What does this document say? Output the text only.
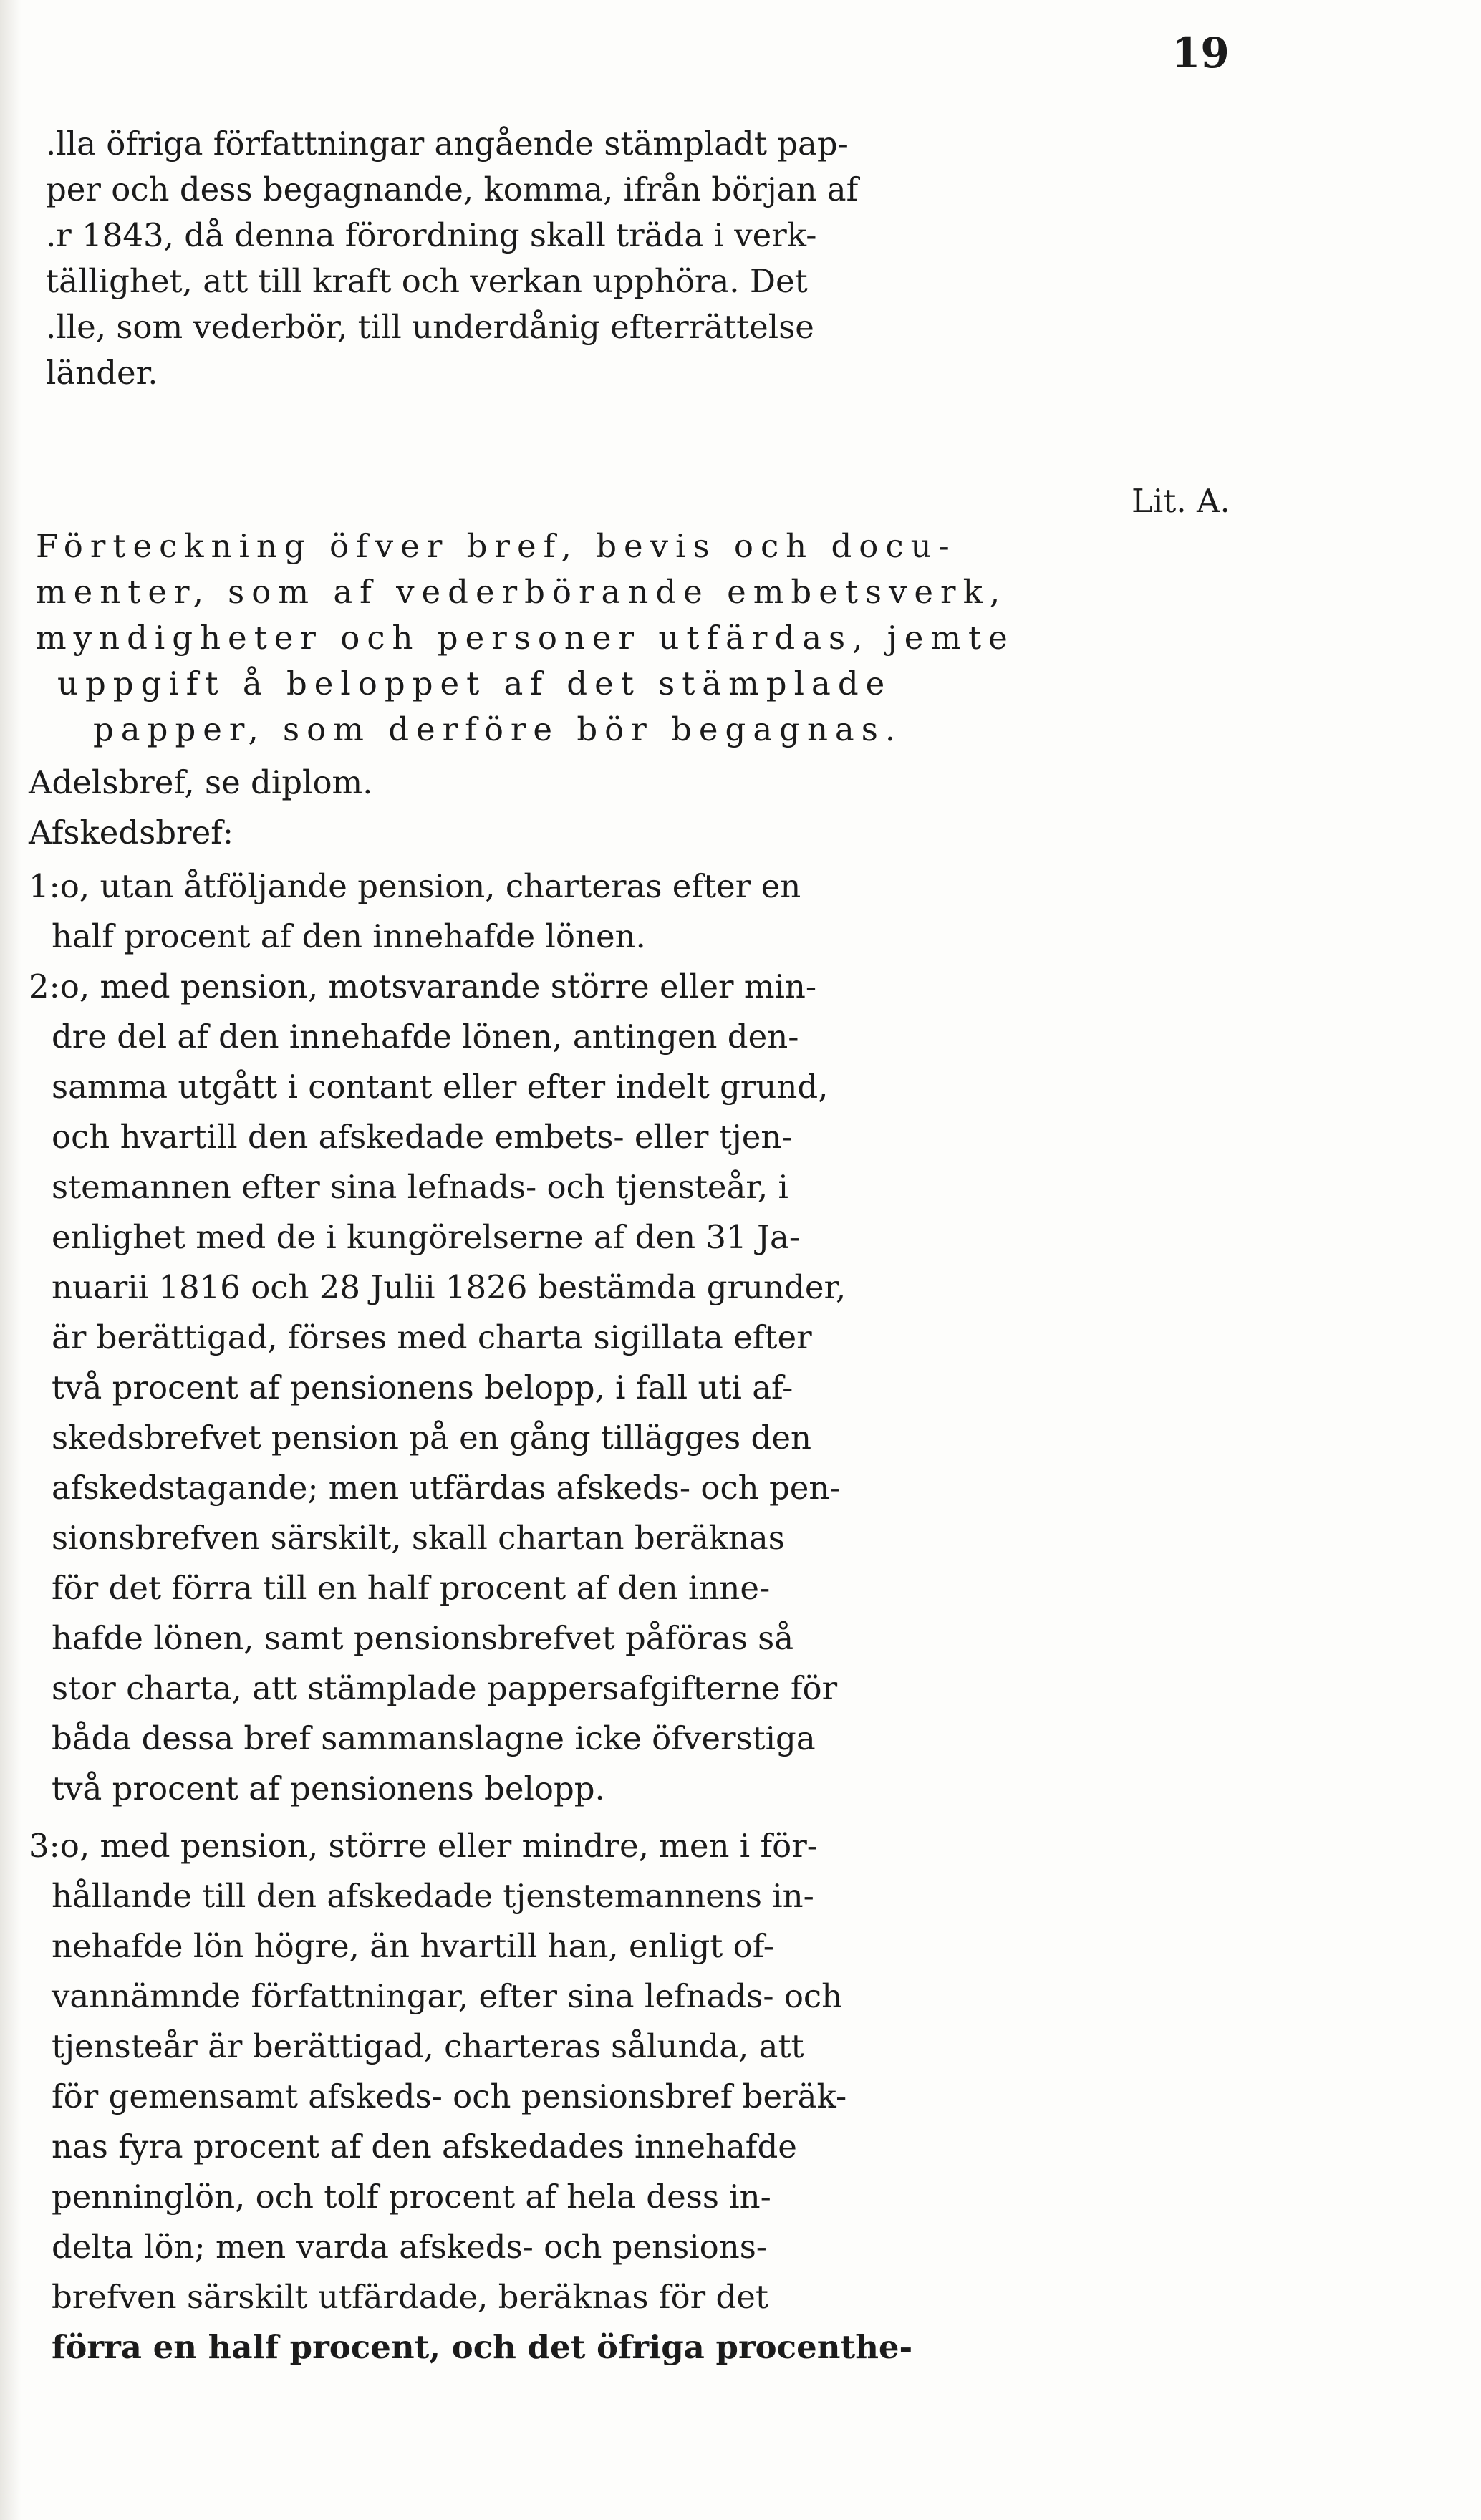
19
.lla öfriga författningar angående stämpladt pap-
per och dess begagnande, komma, ifrån början af
.r 1843, då denna förordning skall träda i verk-
tällighet, att till kraft och verkan upphöra. Det
.lle, som vederbör, till underdånig efterrättelse
länder.
Lit. A.
Förteckning öfver bref, bevis och docu-
menter, som af vederbörande embetsverk,
myndigheter och personer utfärdas, jemte
uppgift å beloppet af det stämplade
papper, som derföre bör begagnas.
Adelsbref, se diplom.
Afskedsbref:
1:o, utan åtföljande pension, charteras efter en
half procent af den innehafde lönen.
2:o, med pension, motsvarande större eller min-
dre del af den innehafde lönen, antingen den-
samma utgått i contant eller efter indelt grund,
och hvartill den afskedade embets- eller tjen-
stemannen efter sina lefnads- och tjensteår, i
enlighet med de i kungörelserne af den 31 Ja-
nuarii 1816 och 28 Julii 1826 bestämda grunder,
är berättigad, förses med charta sigillata efter
två procent af pensionens belopp, i fall uti af-
skedsbrefvet pension på en gång tillägges den
afskedstagande; men utfärdas afskeds- och pen-
sionsbrefven särskilt, skall chartan beräknas
för det förra till en half procent af den inne-
hafde lönen, samt pensionsbrefvet påföras så
stor charta, att stämplade pappersafgifterne för
båda dessa bref sammanslagne icke öfverstiga
två procent af pensionens belopp.
3:o, med pension, större eller mindre, men i för-
hållande till den afskedade tjenstemannens in-
nehafde lön högre, än hvartill han, enligt of-
vannämnde författningar, efter sina lefnads- och
tjensteår är berättigad, charteras sålunda, att
för gemensamt afskeds- och pensionsbref beräk-
nas fyra procent af den afskedades innehafde
penninglön, och tolf procent af hela dess in-
delta lön; men varda afskeds- och pensions-
brefven särskilt utfärdade, beräknas för det
förra en half procent, och det öfriga procenthe-
